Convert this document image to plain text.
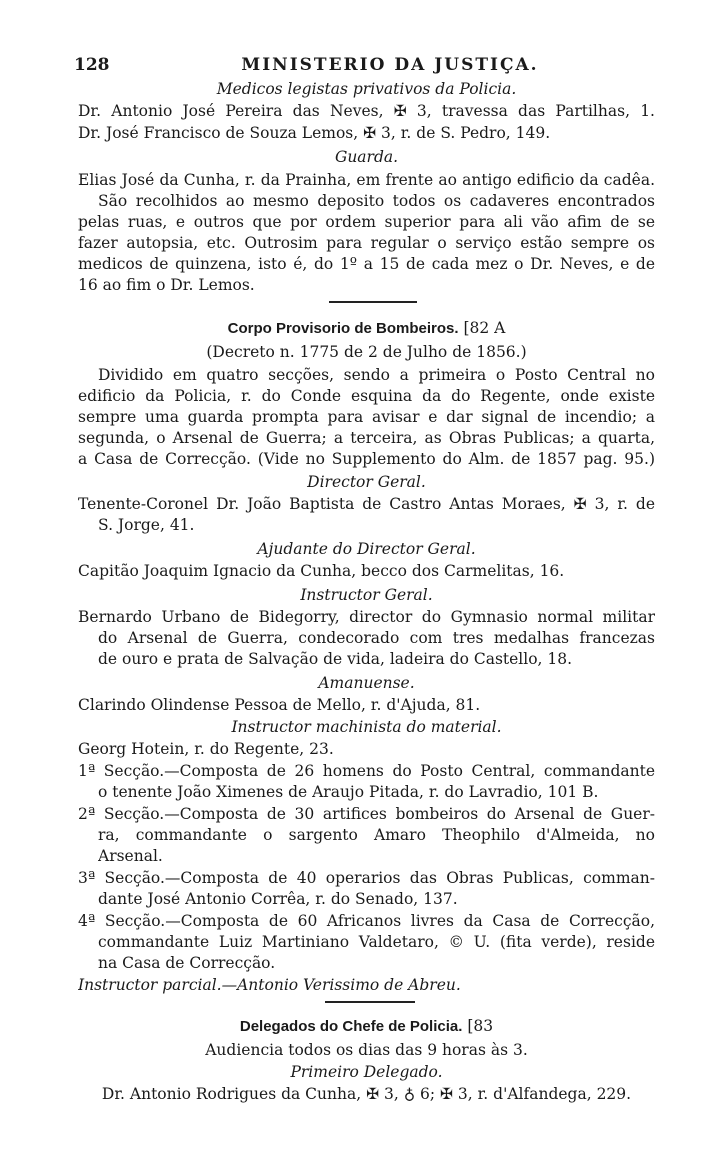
128	MINISTERIO DA JUSTIÇA.
Medicos legistas privativos da Policia.
Dr. Antonio José Pereira das Neves, ✠ 3, travessa das Partilhas, 1.
Dr. José Francisco de Souza Lemos, ✠ 3, r. de S. Pedro, 149.
Guarda.
Elias José da Cunha, r. da Prainha, em frente ao antigo edificio da cadêa.
São recolhidos ao mesmo deposito todos os cadaveres encontrados
pelas ruas, e outros que por ordem superior para ali vão afim de se
fazer autopsia, etc. Outrosim para regular o serviço estão sempre os
medicos de quinzena, isto é, do 1º a 15 de cada mez o Dr. Neves, e de
16 ao fim o Dr. Lemos.
Corpo Provisorio de Bombeiros. [82 A
(Decreto n. 1775 de 2 de Julho de 1856.)
Dividido em quatro secções, sendo a primeira o Posto Central no
edificio da Policia, r. do Conde esquina da do Regente, onde existe
sempre uma guarda prompta para avisar e dar signal de incendio; a
segunda, o Arsenal de Guerra; a terceira, as Obras Publicas; a quarta,
a Casa de Correcção. (Vide no Supplemento do Alm. de 1857 pag. 95.)
Director Geral.
Tenente-Coronel Dr. João Baptista de Castro Antas Moraes, ✠ 3, r. de
S. Jorge, 41.
Ajudante do Director Geral.
Capitão Joaquim Ignacio da Cunha, becco dos Carmelitas, 16.
Instructor Geral.
Bernardo Urbano de Bidegorry, director do Gymnasio normal militar
do Arsenal de Guerra, condecorado com tres medalhas francezas
de ouro e prata de Salvação de vida, ladeira do Castello, 18.
Amanuense.
Clarindo Olindense Pessoa de Mello, r. d'Ajuda, 81.
Instructor machinista do material.
Georg Hotein, r. do Regente, 23.
1ª Secção.—Composta de 26 homens do Posto Central, commandante
o tenente João Ximenes de Araujo Pitada, r. do Lavradio, 101 B.
2ª Secção.—Composta de 30 artifices bombeiros do Arsenal de Guer-
ra, commandante o sargento Amaro Theophilo d'Almeida, no
Arsenal.
3ª Secção.—Composta de 40 operarios das Obras Publicas, comman-
dante José Antonio Corrêa, r. do Senado, 137.
4ª Secção.—Composta de 60 Africanos livres da Casa de Correcção,
commandante Luiz Martiniano Valdetaro, © U. (fita verde), reside
na Casa de Correcção.
Instructor parcial.—Antonio Verissimo de Abreu.
Delegados do Chefe de Policia. [83
Audiencia todos os dias das 9 horas às 3.
Primeiro Delegado.
Dr. Antonio Rodrigues da Cunha, ✠ 3, ♁ 6; ✠ 3, r. d'Alfandega, 229.
